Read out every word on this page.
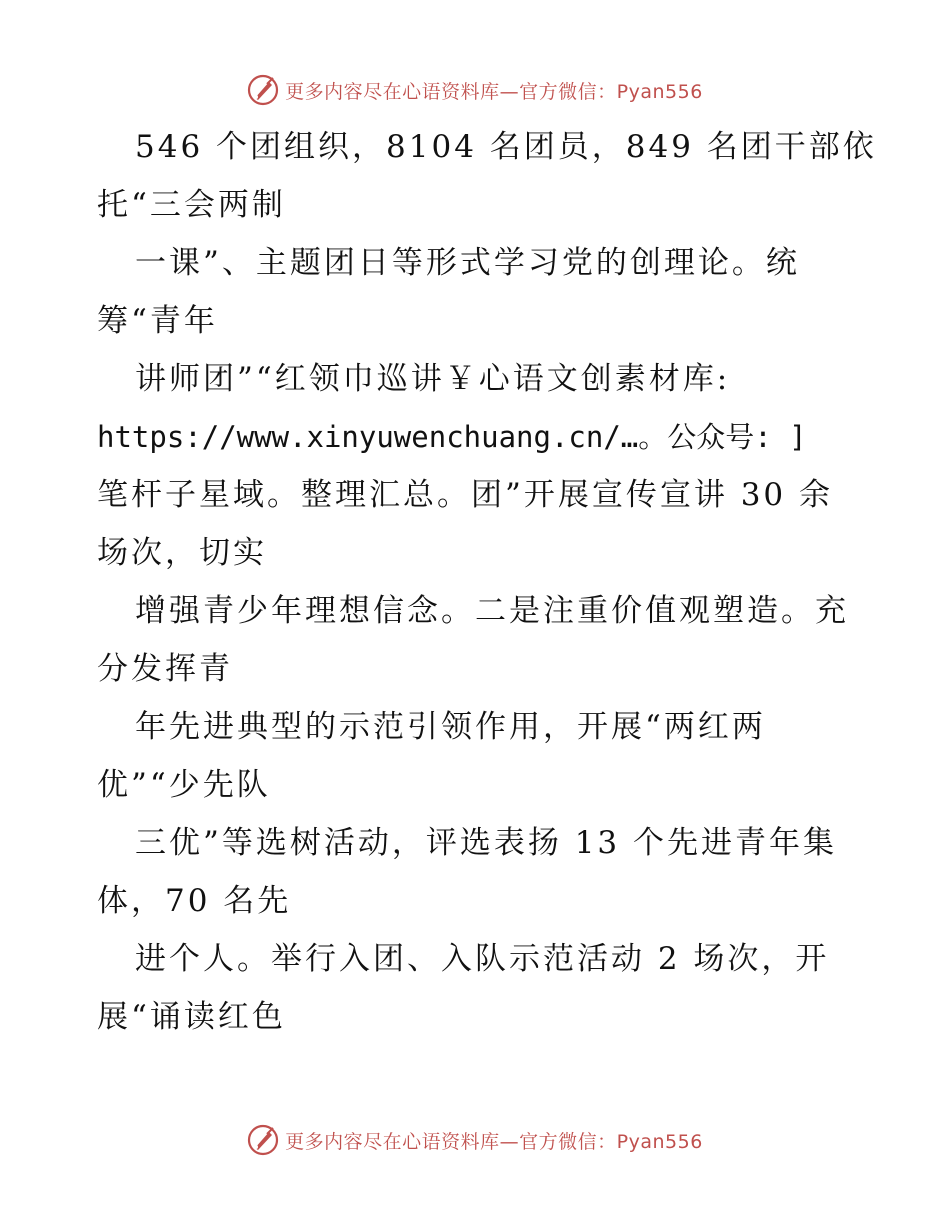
更多内容尽在心语资料库—官方微信：Pyan556
546 个团组织，8104 名团员，849 名团干部依
托“三会两制
一课”、主题团日等形式学习党的创理论。统
筹“青年
讲师团”“红领巾巡讲￥心语文创素材库:
https://www.xinyuwenchuang.cn/…。公众号: ]
笔杆子星域。整理汇总。团”开展宣传宣讲 30 余
场次，切实
增强青少年理想信念。二是注重价值观塑造。充
分发挥青
年先进典型的示范引领作用，开展“两红两
优”“少先队
三优”等选树活动，评选表扬 13 个先进青年集
体，70 名先
进个人。举行入团、入队示范活动 2 场次，开
展“诵读红色
更多内容尽在心语资料库—官方微信：Pyan556
